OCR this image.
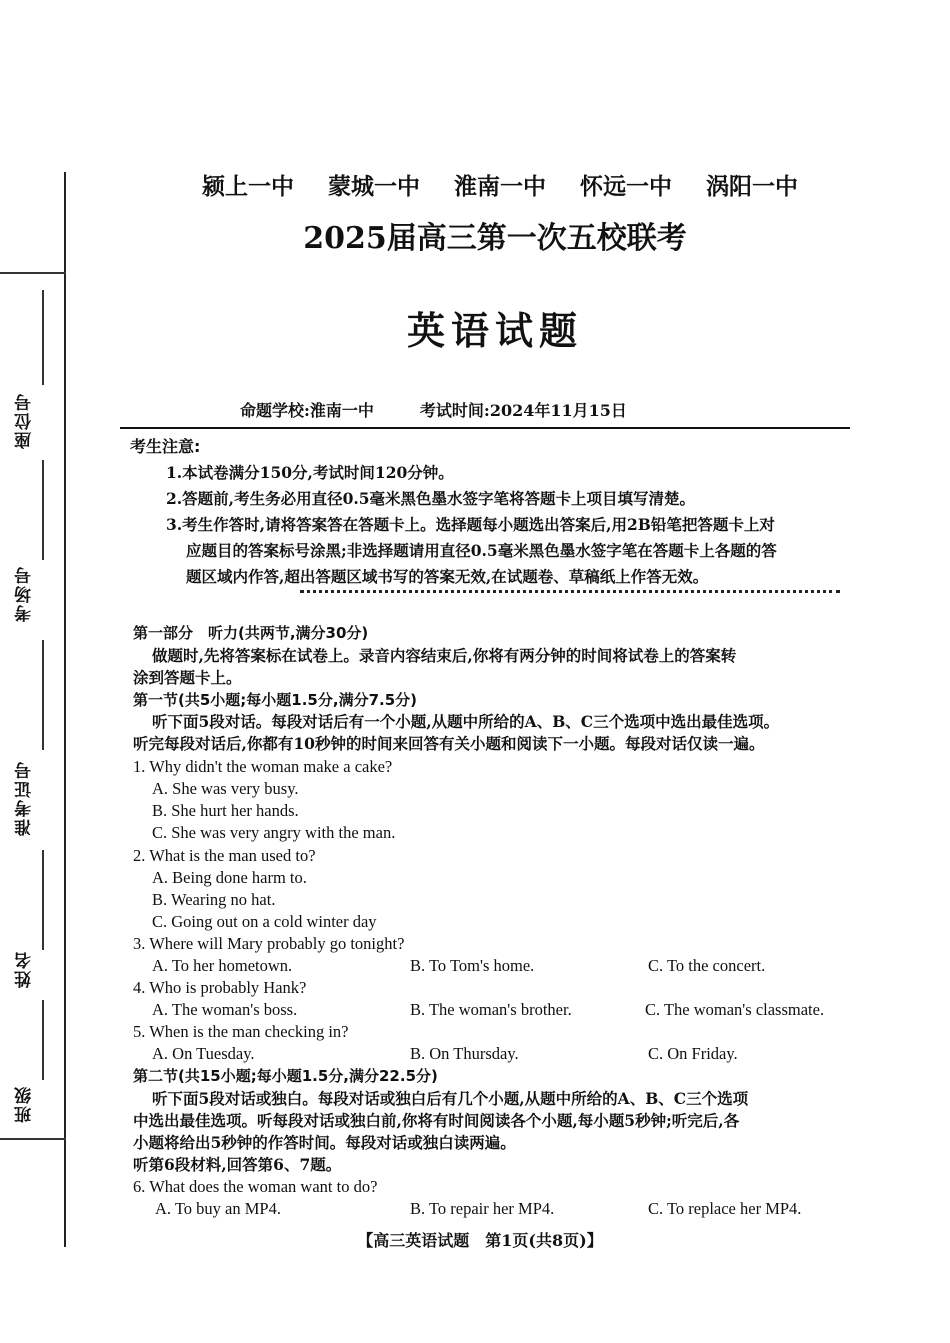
座位号
考场号
准考证号
姓名
班级
颍上一中 蒙城一中 淮南一中 怀远一中 涡阳一中
2025届高三第一次五校联考
英语试题
命题学校:淮南一中	考试时间:2024年11月15日
考生注意:
1.本试卷满分150分,考试时间120分钟。
2.答题前,考生务必用直径0.5毫米黑色墨水签字笔将答题卡上项目填写清楚。
3.考生作答时,请将答案答在答题卡上。选择题每小题选出答案后,用2B铅笔把答题卡上对
应题目的答案标号涂黑;非选择题请用直径0.5毫米黑色墨水签字笔在答题卡上各题的答
题区域内作答,超出答题区域书写的答案无效,在试题卷、草稿纸上作答无效。
第一部分　听力(共两节,满分30分)
做题时,先将答案标在试卷上。录音内容结束后,你将有两分钟的时间将试卷上的答案转
涂到答题卡上。
第一节(共5小题;每小题1.5分,满分7.5分)
听下面5段对话。每段对话后有一个小题,从题中所给的A、B、C三个选项中选出最佳选项。
听完每段对话后,你都有10秒钟的时间来回答有关小题和阅读下一小题。每段对话仅读一遍。
1. Why didn't the woman make a cake?
A. She was very busy.
B. She hurt her hands.
C. She was very angry with the man.
2. What is the man used to?
A. Being done harm to.
B. Wearing no hat.
C. Going out on a cold winter day
3. Where will Mary probably go tonight?
A. To her hometown.	B. To Tom's home.	C. To the concert.
4. Who is probably Hank?
A. The woman's boss.	B. The woman's brother.	C. The woman's classmate.
5. When is the man checking in?
A. On Tuesday.	B. On Thursday.	C. On Friday.
第二节(共15小题;每小题1.5分,满分22.5分)
听下面5段对话或独白。每段对话或独白后有几个小题,从题中所给的A、B、C三个选项
中选出最佳选项。听每段对话或独白前,你将有时间阅读各个小题,每小题5秒钟;听完后,各
小题将给出5秒钟的作答时间。每段对话或独白读两遍。
听第6段材料,回答第6、7题。
6. What does the woman want to do?
A. To buy an MP4.	B. To repair her MP4.	C. To replace her MP4.
【高三英语试题　第1页(共8页)】
